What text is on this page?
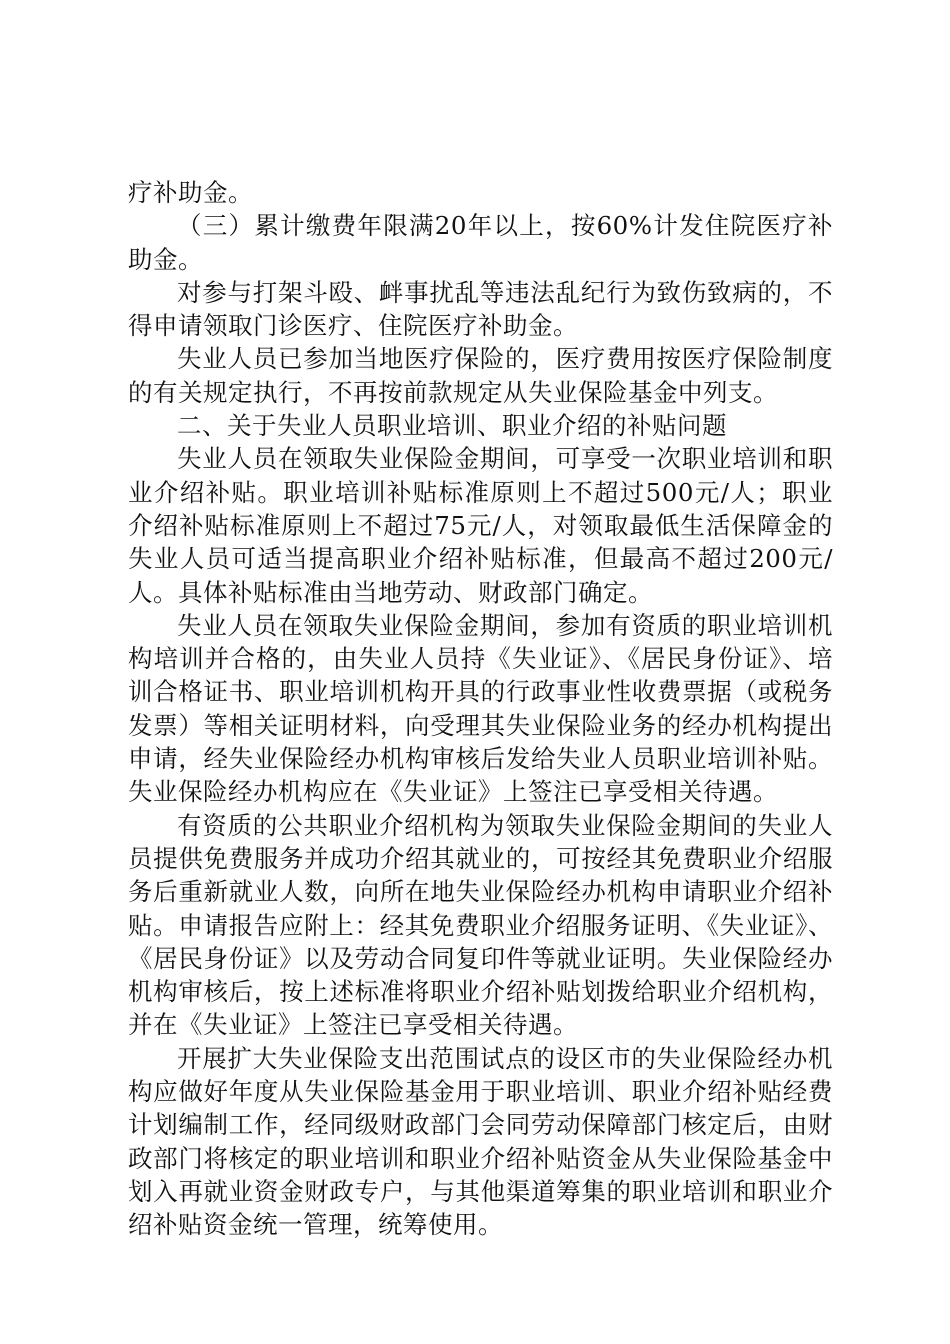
疗补助金。

（三）累计缴费年限满20年以上，按60%计发住院医疗补助金。

对参与打架斗殴、衅事扰乱等违法乱纪行为致伤致病的，不得申请领取门诊医疗、住院医疗补助金。

失业人员已参加当地医疗保险的，医疗费用按医疗保险制度的有关规定执行，不再按前款规定从失业保险基金中列支。

二、关于失业人员职业培训、职业介绍的补贴问题

失业人员在领取失业保险金期间，可享受一次职业培训和职业介绍补贴。职业培训补贴标准原则上不超过500元/人；职业介绍补贴标准原则上不超过75元/人，对领取最低生活保障金的失业人员可适当提高职业介绍补贴标准，但最高不超过200元/人。具体补贴标准由当地劳动、财政部门确定。

失业人员在领取失业保险金期间，参加有资质的职业培训机构培训并合格的，由失业人员持《失业证》、《居民身份证》、培训合格证书、职业培训机构开具的行政事业性收费票据（或税务发票）等相关证明材料，向受理其失业保险业务的经办机构提出申请，经失业保险经办机构审核后发给失业人员职业培训补贴。失业保险经办机构应在《失业证》上签注已享受相关待遇。

有资质的公共职业介绍机构为领取失业保险金期间的失业人员提供免费服务并成功介绍其就业的，可按经其免费职业介绍服务后重新就业人数，向所在地失业保险经办机构申请职业介绍补贴。申请报告应附上：经其免费职业介绍服务证明、《失业证》、《居民身份证》以及劳动合同复印件等就业证明。失业保险经办机构审核后，按上述标准将职业介绍补贴划拨给职业介绍机构，并在《失业证》上签注已享受相关待遇。

开展扩大失业保险支出范围试点的设区市的失业保险经办机构应做好年度从失业保险基金用于职业培训、职业介绍补贴经费计划编制工作，经同级财政部门会同劳动保障部门核定后，由财政部门将核定的职业培训和职业介绍补贴资金从失业保险基金中划入再就业资金财政专户，与其他渠道筹集的职业培训和职业介绍补贴资金统一管理，统筹使用。
